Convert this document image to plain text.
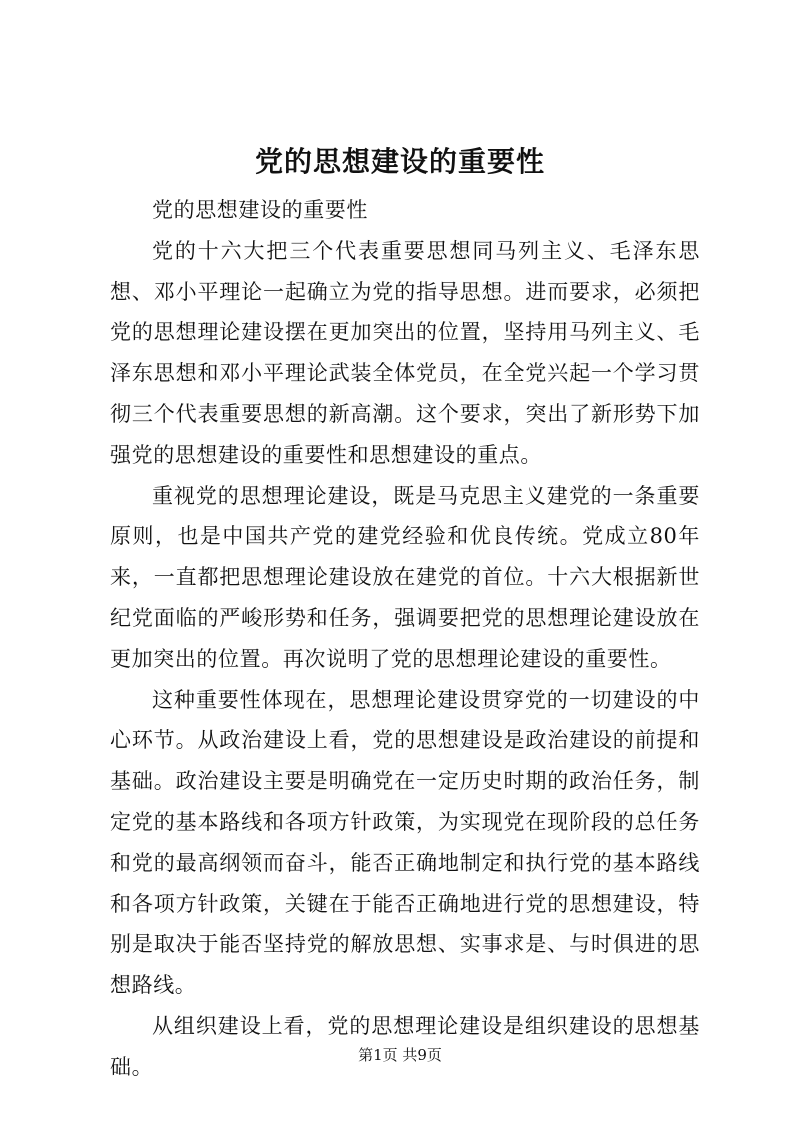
党的思想建设的重要性

党的思想建设的重要性

党的十六大把三个代表重要思想同马列主义、毛泽东思想、邓小平理论一起确立为党的指导思想。进而要求，必须把党的思想理论建设摆在更加突出的位置，坚持用马列主义、毛泽东思想和邓小平理论武装全体党员，在全党兴起一个学习贯彻三个代表重要思想的新高潮。这个要求，突出了新形势下加强党的思想建设的重要性和思想建设的重点。

重视党的思想理论建设，既是马克思主义建党的一条重要原则，也是中国共产党的建党经验和优良传统。党成立80年来，一直都把思想理论建设放在建党的首位。十六大根据新世纪党面临的严峻形势和任务，强调要把党的思想理论建设放在更加突出的位置。再次说明了党的思想理论建设的重要性。

这种重要性体现在，思想理论建设贯穿党的一切建设的中心环节。从政治建设上看，党的思想建设是政治建设的前提和基础。政治建设主要是明确党在一定历史时期的政治任务，制定党的基本路线和各项方针政策，为实现党在现阶段的总任务和党的最高纲领而奋斗，能否正确地制定和执行党的基本路线和各项方针政策，关键在于能否正确地进行党的思想建设，特别是取决于能否坚持党的解放思想、实事求是、与时俱进的思想路线。

从组织建设上看，党的思想理论建设是组织建设的思想基础。	第1页 共9页
